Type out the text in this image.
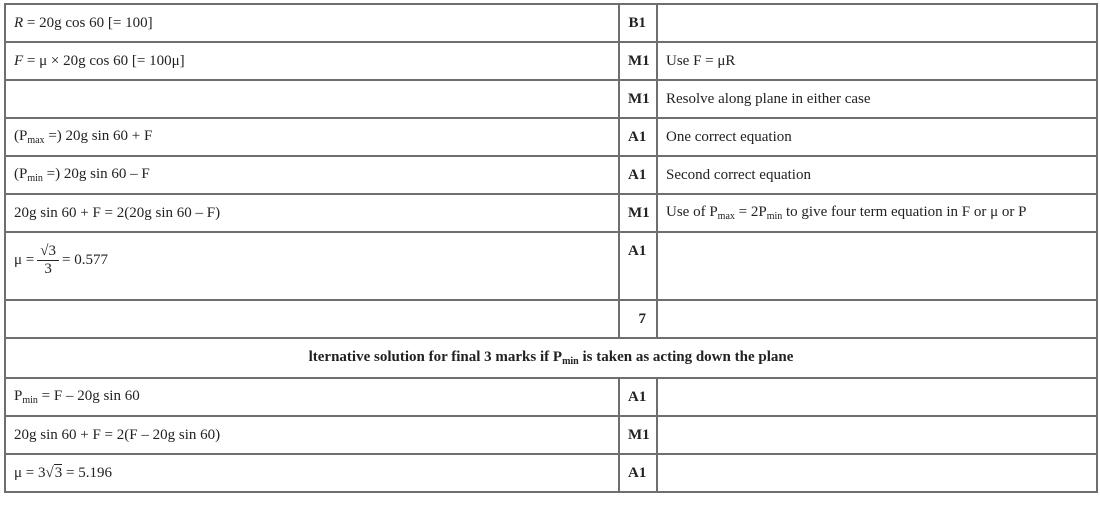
R = 20g cos 60 [= 100]	B1	
F = μ × 20g cos 60 [= 100μ]	M1	Use F = μR
	M1	Resolve along plane in either case
($P_{max}$ =) 20g sin 60 + F	A1	One correct equation
($P_{min}$ =) 20g sin 60 – F	A1	Second correct equation
20g sin 60 + F = 2(20g sin 60 – F)	M1	Use of $P_{max} = 2P_{min}$ to give four term equation in F or μ or P
$\mu = \frac{√3}{3} = 0.577$	A1	
	7	
lternative solution for final 3 marks if $P_{min}$ is taken as acting down the plane		
$P_{min} = F - 20g$ sin 60	A1	
20g sin 60 + F = 2(F – 20g sin 60)	M1	
μ = 3√3 = 5.196	A1	
